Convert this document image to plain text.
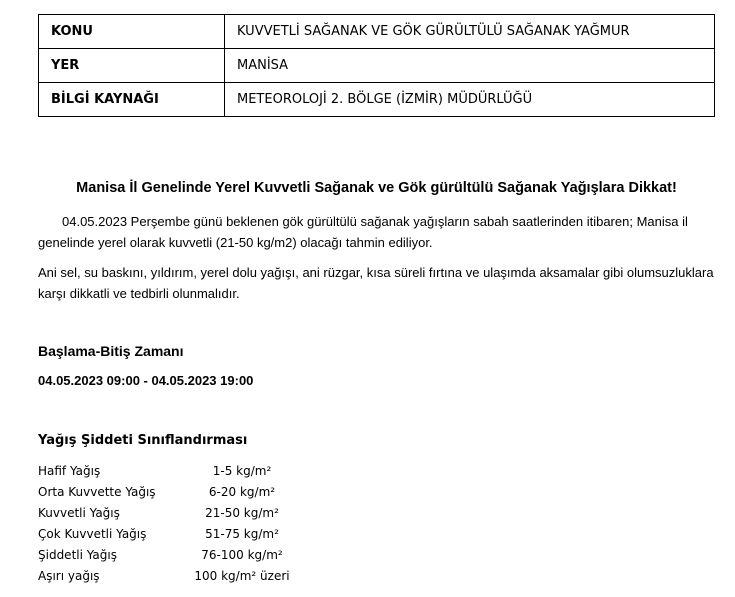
KONU	KUVVETLİ SAĞANAK VE GÖK GÜRÜLTÜLÜ SAĞANAK YAĞMUR
YER	MANİSA
BİLGİ KAYNAĞI	METEOROLOJİ 2. BÖLGE (İZMİR) MÜDÜRLÜĞÜ
Manisa İl Genelinde Yerel Kuvvetli Sağanak ve Gök gürültülü Sağanak Yağışlara Dikkat!

04.05.2023 Perşembe günü beklenen gök gürültülü sağanak yağışların sabah saatlerinden itibaren; Manisa il genelinde yerel olarak kuvvetli (21-50 kg/m2) olacağı tahmin ediliyor.

Ani sel, su baskını, yıldırım, yerel dolu yağışı, ani rüzgar, kısa süreli fırtına ve ulaşımda aksamalar gibi olumsuzluklara karşı dikkatli ve tedbirli olunmalıdır.

Başlama-Bitiş Zamanı
04.05.2023 09:00 - 04.05.2023 19:00
Yağış Şiddeti Sınıflandırması
Hafif Yağış	1-5 kg/m²
Orta Kuvvette Yağış	6-20 kg/m²
Kuvvetli Yağış	21-50 kg/m²
Çok Kuvvetli Yağış	51-75 kg/m²
Şiddetli Yağış	76-100 kg/m²
Aşırı yağış	100 kg/m² üzeri
